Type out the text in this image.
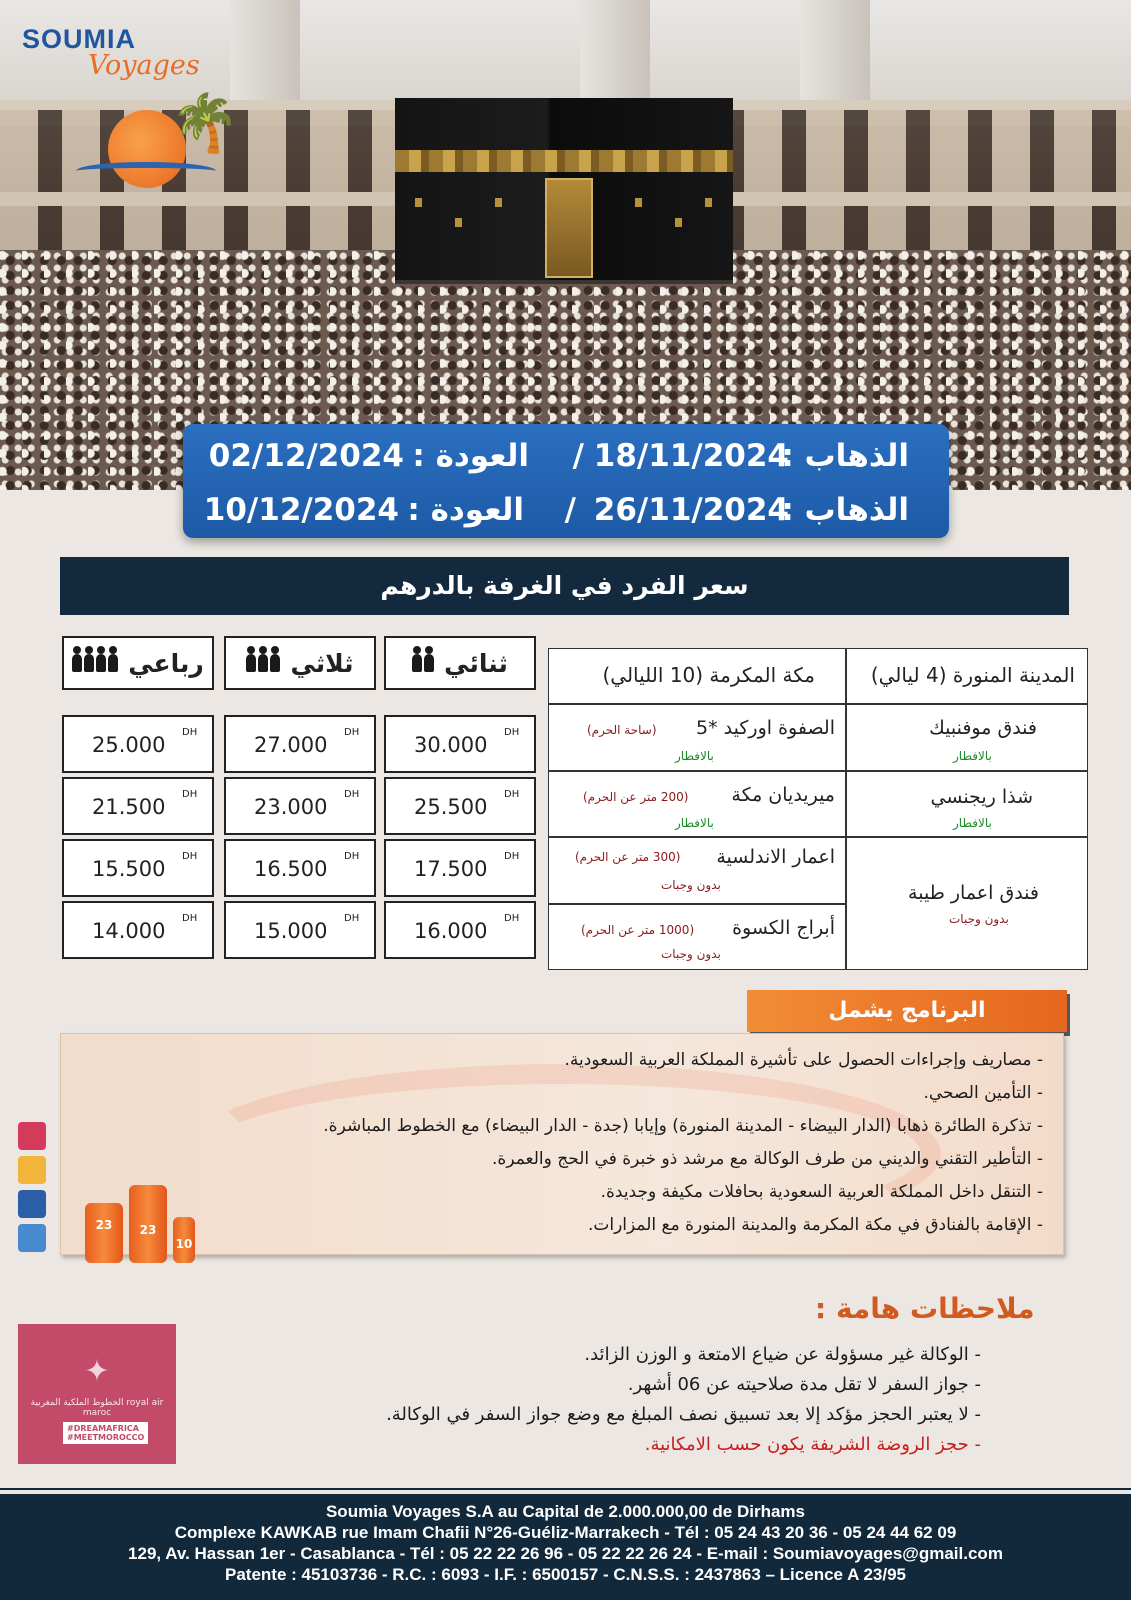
🌴
SOUMIA
Voyages
الذهاب :
18/11/2024
/
العودة :
02/12/2024
الذهاب :
26/11/2024
/
العودة :
10/12/2024
سعر الفرد في الغرفة بالدرهم
مكة المكرمة (10 الليالي)	المدينة المنورة (4 ليالي)
الصفوة اوركيد *5
(ساحة الحرم)
بالافطار
ميريديان مكة
(200 متر عن الحرم)
بالافطار
اعمار الاندلسية
(300 متر عن الحرم)
بدون وجبات
أبراج الكسوة
(1000 متر عن الحرم)
بدون وجبات
فندق موفنبيك
بالافطار
شذا ريجنسي
بالافطار
فندق اعمار طيبة
بدون وجبات
ثنائي
ثلاثي
رباعي
30.000
DH
25.500
DH
17.500
DH
16.000
DH
27.000
DH
23.000
DH
16.500
DH
15.000
DH
25.000
DH
21.500
DH
15.500
DH
14.000
DH
البرنامج يشمل
- مصاريف وإجراءات الحصول على تأشيرة المملكة العربية السعودية.
- التأمين الصحي.
- تذكرة الطائرة ذهابا (الدار البيضاء - المدينة المنورة) وإيابا (جدة - الدار البيضاء) مع الخطوط المباشرة.
- التأطير التقني والديني من طرف الوكالة مع مرشد ذو خبرة في الحج والعمرة.
- التنقل داخل المملكة العربية السعودية بحافلات مكيفة وجديدة.
- الإقامة بالفنادق في مكة المكرمة والمدينة المنورة مع المزارات.
23	23
10
ملاحظات هامة :
- الوكالة غير مسؤولة عن ضياع الامتعة و الوزن الزائد.
- جواز السفر لا تقل مدة صلاحيته عن 06 أشهر.
- لا يعتبر الحجز مؤكد إلا بعد تسبيق نصف المبلغ مع وضع جواز السفر في الوكالة.
- حجز الروضة الشريفة يكون حسب الامكانية.
✦
الخطوط الملكية المغربية royal air maroc
#DREAMAFRICA
#MEETMOROCCO
Soumia Voyages S.A au Capital de 2.000.000,00 de Dirhams
Complexe KAWKAB rue Imam Chafii N°26-Guéliz-Marrakech - Tél : 05 24 43 20 36 - 05 24 44 62 09
129, Av. Hassan 1er - Casablanca - Tél : 05 22 22 26 96 - 05 22 22 26 24 - E-mail : Soumiavoyages@gmail.com
Patente : 45103736 - R.C. : 6093 - I.F. : 6500157 - C.N.S.S. : 2437863 – Licence A 23/95
